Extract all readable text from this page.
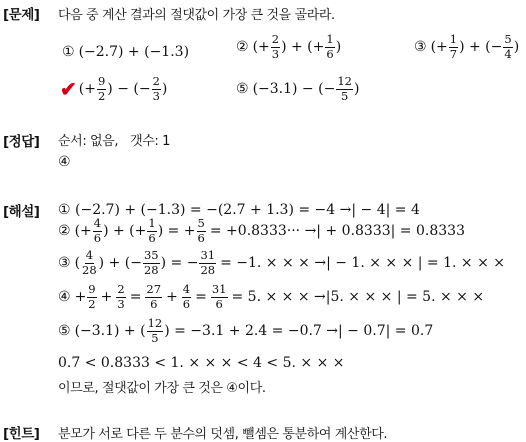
[문제] 다음 중 계산 결과의 절댓값이 가장 큰 것을 골라라.
① (−2.7) + (−1.3)	② (+ $\frac{2}{3}$ ) + (+ $\frac{1}{6}$ )	③ (+ $\frac{1}{7}$ ) + (− $\frac{5}{4}$ )
✔ (+ $\frac{9}{2}$ ) − (− $\frac{2}{3}$ )	⑤ (−3.1) − (− $\frac{12}{5}$ )
[정답] 순서: 없음, 갯수: 1
④
[해설] ① (−2.7) + (−1.3) = −(2.7 + 1.3) = −4 →| − 4| = 4
② (+ $\frac{4}{6}$ ) + (+ $\frac{1}{6}$ ) = + $\frac{5}{6} = +0.8333\cdot\cdot\cdot$ →| + 0.8333| = 0.8333
③ ( $\frac{4}{28}$ ) + (− $\frac{35}{28}$ ) = − $\frac{31}{28} = -1$. × × × →| − 1. × × × | = 1. × × ×
④ + $\frac{9}{2} + \frac{2}{3} = \frac{27}{6} + \frac{4}{6} = \frac{31}{6} = 5$. × × × →|5. × × × | = 5. × × ×
⑤ (−3.1) + ( $\frac{12}{5}$ ) = −3.1 + 2.4 = −0.7 →| − 0.7| = 0.7
0.7 < 0.8333 < 1. × × × < 4 < 5. × × ×
이므로, 절댓값이 가장 큰 것은 ④이다.
[힌트] 분모가 서로 다른 두 분수의 덧셈, 뺄셈은 통분하여 계산한다.
